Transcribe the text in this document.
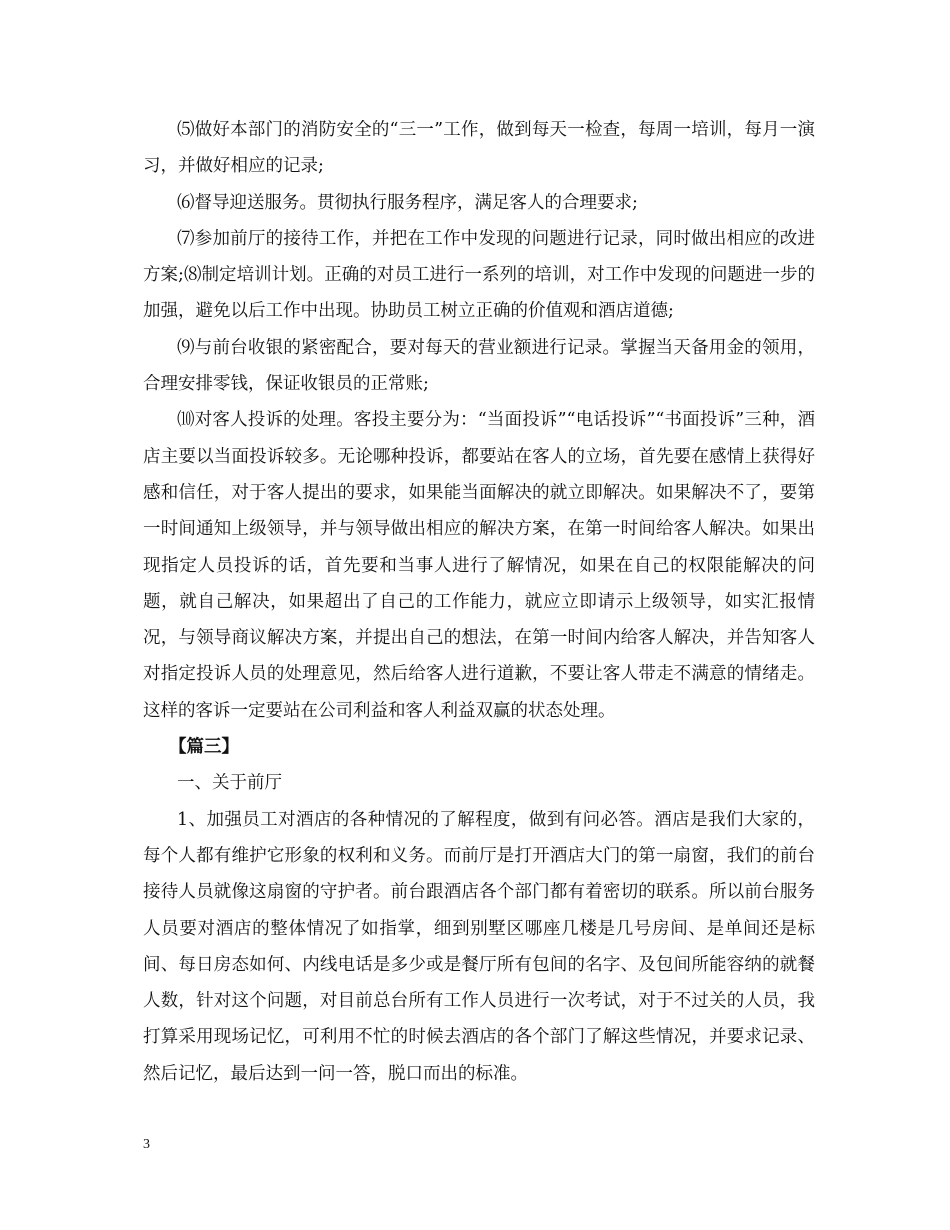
⑸做好本部门的消防安全的“三一”工作，做到每天一检查，每周一培训，每月一演习，并做好相应的记录;

⑹督导迎送服务。贯彻执行服务程序，满足客人的合理要求;

⑺参加前厅的接待工作，并把在工作中发现的问题进行记录，同时做出相应的改进方案;⑻制定培训计划。正确的对员工进行一系列的培训，对工作中发现的问题进一步的加强，避免以后工作中出现。协助员工树立正确的价值观和酒店道德;

⑼与前台收银的紧密配合，要对每天的营业额进行记录。掌握当天备用金的领用，合理安排零钱，保证收银员的正常账;

⑽对客人投诉的处理。客投主要分为：“当面投诉”“电话投诉”“书面投诉”三种，酒店主要以当面投诉较多。无论哪种投诉，都要站在客人的立场，首先要在感情上获得好感和信任，对于客人提出的要求，如果能当面解决的就立即解决。如果解决不了，要第一时间通知上级领导，并与领导做出相应的解决方案，在第一时间给客人解决。如果出现指定人员投诉的话，首先要和当事人进行了解情况，如果在自己的权限能解决的问题，就自己解决，如果超出了自己的工作能力，就应立即请示上级领导，如实汇报情况，与领导商议解决方案，并提出自己的想法，在第一时间内给客人解决，并告知客人对指定投诉人员的处理意见，然后给客人进行道歉，不要让客人带走不满意的情绪走。这样的客诉一定要站在公司利益和客人利益双赢的状态处理。

【篇三】

一、关于前厅

1、加强员工对酒店的各种情况的了解程度，做到有问必答。酒店是我们大家的，每个人都有维护它形象的权利和义务。而前厅是打开酒店大门的第一扇窗，我们的前台接待人员就像这扇窗的守护者。前台跟酒店各个部门都有着密切的联系。所以前台服务人员要对酒店的整体情况了如指掌，细到别墅区哪座几楼是几号房间、是单间还是标间、每日房态如何、内线电话是多少或是餐厅所有包间的名字、及包间所能容纳的就餐人数，针对这个问题，对目前总台所有工作人员进行一次考试，对于不过关的人员，我打算采用现场记忆，可利用不忙的时候去酒店的各个部门了解这些情况，并要求记录、然后记忆，最后达到一问一答，脱口而出的标准。

3
